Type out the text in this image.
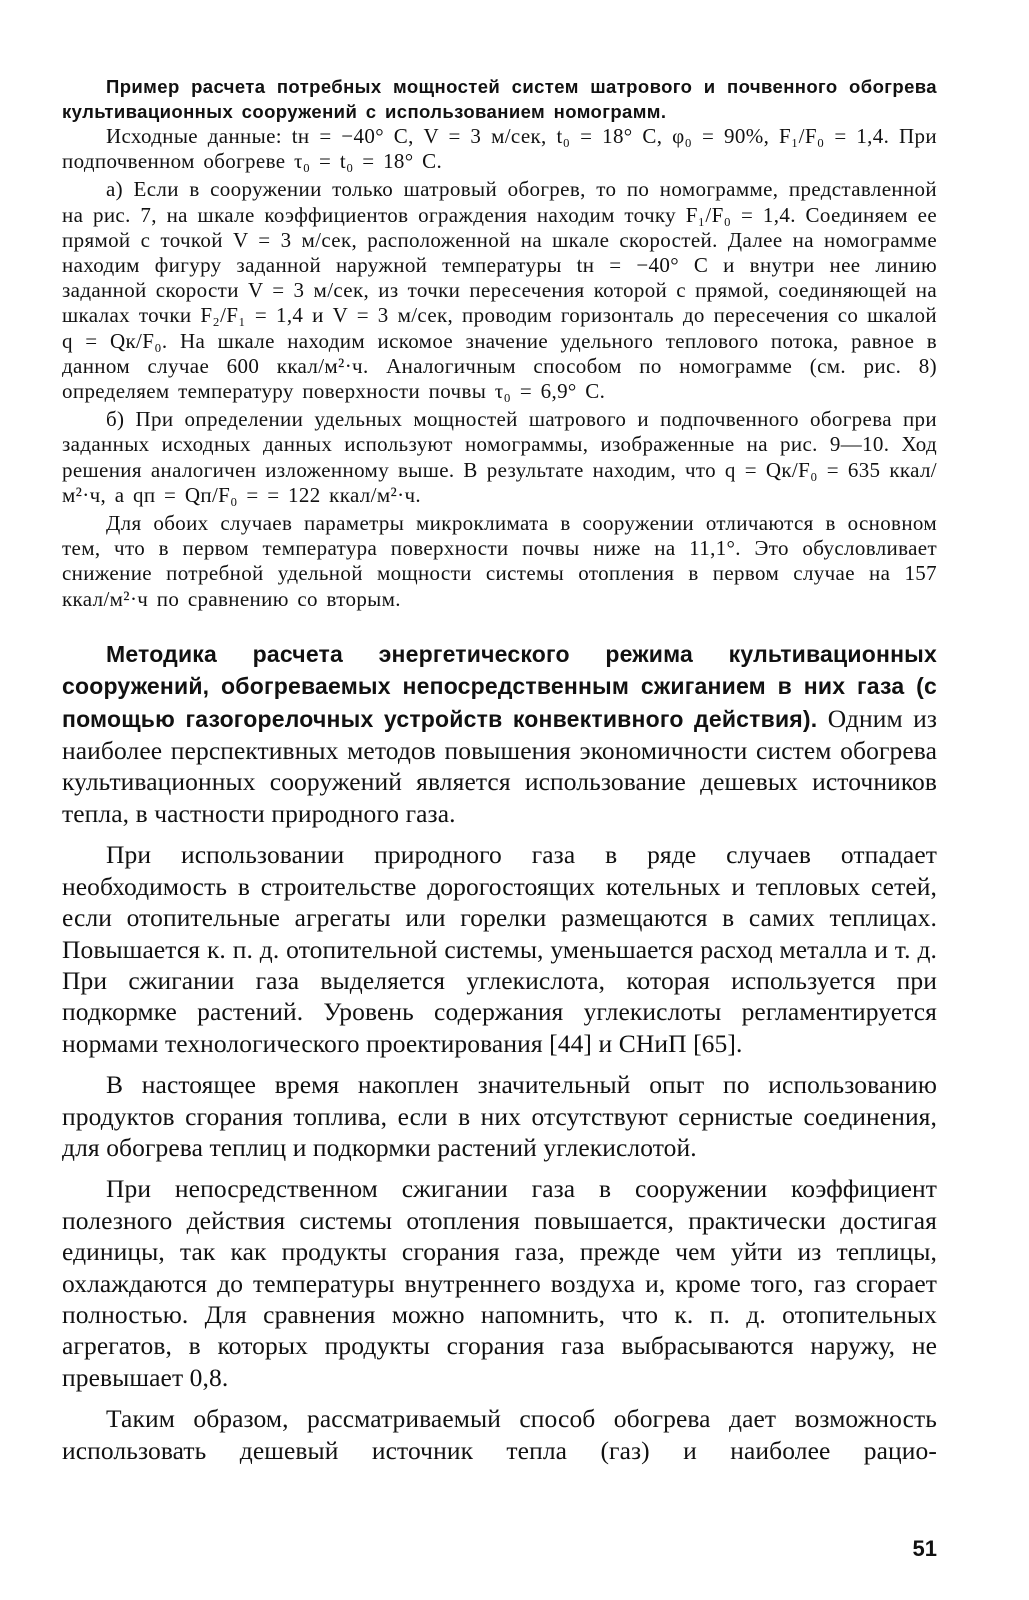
Пример расчета потребных мощностей систем шатрового и почвенного обогрева культивационных сооружений с использованием номограмм.

Исходные данные: tн = −40° С, V = 3 м/сек, t₀ = 18° С, φ₀ = 90%, F₁/F₀ = 1,4. При подпочвенном обогреве τ₀ = t₀ = 18° С.

а) Если в сооружении только шатровый обогрев, то по номограмме, представленной на рис. 7, на шкале коэффициентов ограждения находим точку F₁/F₀ = 1,4. Соединяем ее прямой с точкой V = 3 м/сек, расположенной на шкале скоростей. Далее на номограмме находим фигуру заданной наружной температуры tн = −40° С и внутри нее линию заданной скорости V = 3 м/сек, из точки пересечения которой с прямой, соединяющей на шкалах точки F₂/F₁ = 1,4 и V = 3 м/сек, проводим горизонталь до пересечения со шкалой q = Qк/F₀. На шкале находим искомое значение удельного теплового потока, равное в данном случае 600 ккал/м²·ч. Аналогичным способом по номограмме (см. рис. 8) определяем температуру поверхности почвы τ₀ = 6,9° С.

б) При определении удельных мощностей шатрового и подпочвенного обогрева при заданных исходных данных используют номограммы, изображенные на рис. 9—10. Ход решения аналогичен изложенному выше. В результате находим, что q = Qк/F₀ = 635 ккал/м²·ч, а qп = Qп/F₀ = = 122 ккал/м²·ч.

Для обоих случаев параметры микроклимата в сооружении отличаются в основном тем, что в первом температура поверхности почвы ниже на 11,1°. Это обусловливает снижение потребной удельной мощности системы отопления в первом случае на 157 ккал/м²·ч по сравнению со вторым.

Методика расчета энергетического режима культивационных сооружений, обогреваемых непосредственным сжиганием в них газа (с помощью газогорелочных устройств конвективного действия). Одним из наиболее перспективных методов повышения экономичности систем обогрева культивационных сооружений является использование дешевых источников тепла, в частности природного газа.

При использовании природного газа в ряде случаев отпадает необходимость в строительстве дорогостоящих котельных и тепловых сетей, если отопительные агрегаты или горелки размещаются в самих теплицах. Повышается к. п. д. отопительной системы, уменьшается расход металла и т. д. При сжигании газа выделяется углекислота, которая используется при подкормке растений. Уровень содержания углекислоты регламентируется нормами технологического проектирования [44] и СНиП [65].

В настоящее время накоплен значительный опыт по использованию продуктов сгорания топлива, если в них отсутствуют сернистые соединения, для обогрева теплиц и подкормки растений углекислотой.

При непосредственном сжигании газа в сооружении коэффициент полезного действия системы отопления повышается, практически достигая единицы, так как продукты сгорания газа, прежде чем уйти из теплицы, охлаждаются до температуры внутреннего воздуха и, кроме того, газ сгорает полностью. Для сравнения можно напомнить, что к. п. д. отопительных агрегатов, в которых продукты сгорания газа выбрасываются наружу, не превышает 0,8.

Таким образом, рассматриваемый способ обогрева дает возможность использовать дешевый источник тепла (газ) и наиболее рацио-

51
